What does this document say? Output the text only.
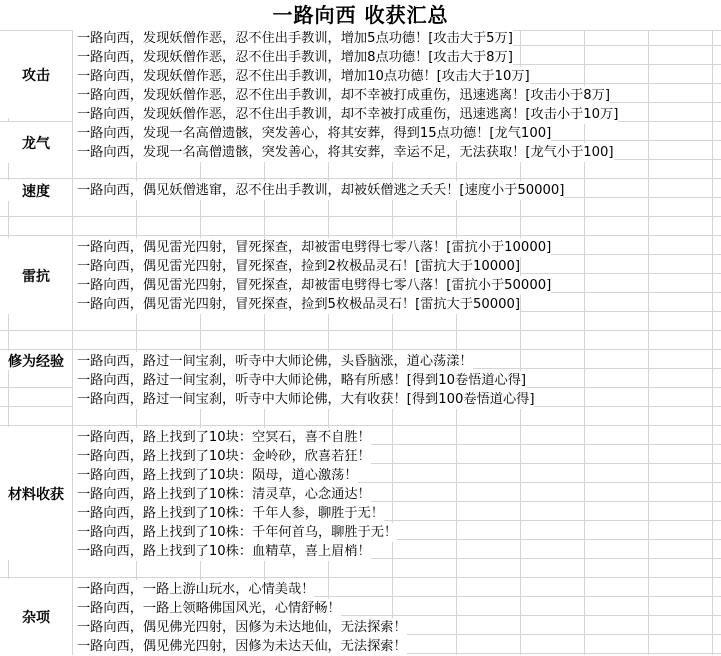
一路向西 收获汇总
攻击
龙气
速度
雷抗
修为经验
材料收获
杂项
一路向西，发现妖僧作恶，忍不住出手教训，增加5点功德！[攻击大于5万]
一路向西，发现妖僧作恶，忍不住出手教训，增加8点功德！[攻击大于8万]
一路向西，发现妖僧作恶，忍不住出手教训，增加10点功德！[攻击大于10万]
一路向西，发现妖僧作恶，忍不住出手教训，却不幸被打成重伤，迅速逃离！[攻击小于8万]
一路向西，发现妖僧作恶，忍不住出手教训，却不幸被打成重伤，迅速逃离！[攻击小于10万]
一路向西，发现一名高僧遗骸，突发善心，将其安葬，得到15点功德！[龙气100]
一路向西，发现一名高僧遗骸，突发善心，将其安葬，幸运不足，无法获取！[龙气小于100]
一路向西，偶见妖僧逃窜，忍不住出手教训，却被妖僧逃之夭夭！[速度小于50000]
一路向西，偶见雷光四射，冒死探查，却被雷电劈得七零八落！[雷抗小于10000]
一路向西，偶见雷光四射，冒死探查，捡到2枚极品灵石！[雷抗大于10000]
一路向西，偶见雷光四射，冒死探查，却被雷电劈得七零八落！[雷抗小于50000]
一路向西，偶见雷光四射，冒死探查，捡到5枚极品灵石！[雷抗大于50000]
一路向西，路过一间宝刹，听寺中大师论佛，头昏脑涨，道心荡漾！
一路向西，路过一间宝刹，听寺中大师论佛，略有所感！[得到10卷悟道心得]
一路向西，路过一间宝刹，听寺中大师论佛，大有收获！[得到100卷悟道心得]
一路向西，路上找到了10块：空冥石，喜不自胜！
一路向西，路上找到了10块：金岭砂，欣喜若狂！
一路向西，路上找到了10块：陨母，道心激荡！
一路向西，路上找到了10株：清灵草，心念通达！
一路向西，路上找到了10株：千年人参，聊胜于无！
一路向西，路上找到了10株：千年何首乌，聊胜于无！
一路向西，路上找到了10株：血精草，喜上眉梢！
一路向西，一路上游山玩水，心情美哉！
一路向西，一路上领略佛国风光，心情舒畅！
一路向西，偶见佛光四射，因修为未达地仙，无法探索！
一路向西，偶见佛光四射，因修为未达天仙，无法探索！
